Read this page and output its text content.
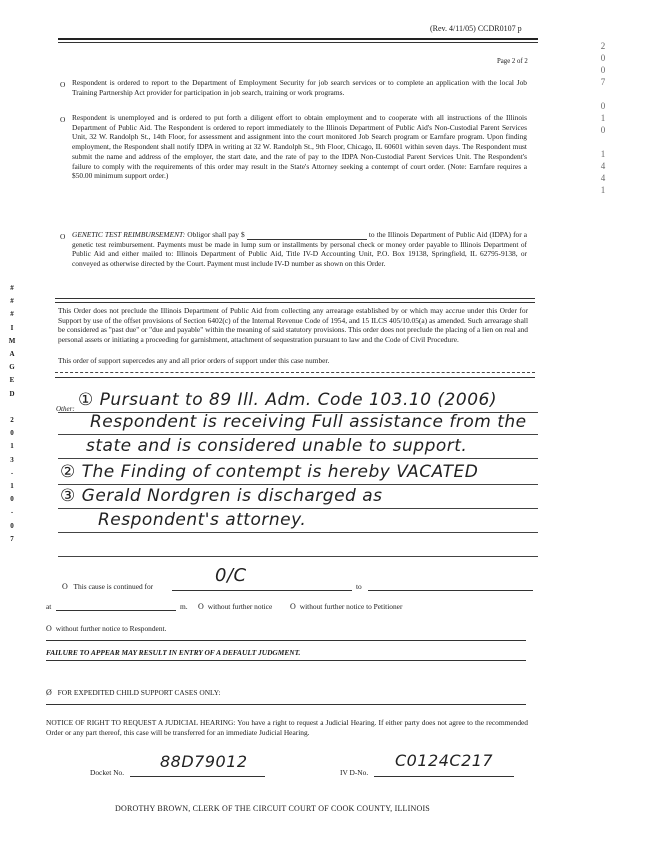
(Rev. 4/11/05) CCDR0107 p
Page 2 of 2
#
#
#
I
M
A
G
E
D

2
0
1
3
-
1
0
-
0
7
2
0
0
7

0
1
0

1
4
4
1
O Respondent is ordered to report to the Department of Employment Security for job search services or to complete an application with the local Job Training Partnership Act provider for participation in job search, training or work programs.
O Respondent is unemployed and is ordered to put forth a diligent effort to obtain employment and to cooperate with all instructions of the Illinois Department of Public Aid. The Respondent is ordered to report immediately to the Illinois Department of Public Aid's Non-Custodial Parent Services Unit, 32 W. Randolph St., 14th Floor, for assessment and assignment into the court monitored Job Search program or Earnfare program. Upon finding employment, the Respondent shall notify IDPA in writing at 32 W. Randolph St., 9th Floor, Chicago, IL 60601 within seven days. The Respondent must submit the name and address of the employer, the start date, and the rate of pay to the IDPA Non-Custodial Parent Services Unit. The Respondent's failure to comply with the requirements of this order may result in the State's Attorney seeking a contempt of court order. (Note: Earnfare requires a $50.00 minimum support order.)
O GENETIC TEST REIMBURSEMENT: Obligor shall pay $	to the Illinois Department of Public Aid (IDPA) for a genetic test reimbursement. Payments must be made in lump sum or installments by personal check or money order payable to Illinois Department of Public Aid and either mailed to: Illinois Department of Public Aid, Title IV-D Accounting Unit, P.O. Box 19138, Springfield, IL 62795-9138, or conveyed as otherwise directed by the Court. Payment must include IV-D number as shown on this Order.
This Order does not preclude the Illinois Department of Public Aid from collecting any arrearage established by or which may accrue under this Order for Support by use of the offset provisions of Section 6402(c) of the Internal Revenue Code of 1954, and 15 ILCS 405/10.05(a) as amended. Such arrearage shall be considered as "past due" or "due and payable" within the meaning of said statutory provisions. This order does not preclude the placing of a lien on real and personal assets or initiating a proceeding for garnishment, attachment of sequestration pursuant to law and the Code of Civil Procedure.
This order of support supercedes any and all prior orders of support under this case number.
Other: ① Pursuant to 89 Ill. Adm. Code 103.10 (2006)
Respondent is receiving Full assistance from the
state and is considered unable to support.
② The Finding of contempt is hereby VACATED
③ Gerald Nordgren is discharged as
Respondent's attorney.
O This cause is continued for
0/C
to
at	m. O without further notice O without further notice to Petitioner
O without further notice to Respondent.
FAILURE TO APPEAR MAY RESULT IN ENTRY OF A DEFAULT JUDGMENT.
Ø FOR EXPEDITED CHILD SUPPORT CASES ONLY:
NOTICE OF RIGHT TO REQUEST A JUDICIAL HEARING: You have a right to request a Judicial Hearing. If either party does not agree to the recommended Order or any part thereof, this case will be transferred for an immediate Judicial Hearing.
Docket No.
88D79012
IV D-No.
C0124C217
DOROTHY BROWN, CLERK OF THE CIRCUIT COURT OF COOK COUNTY, ILLINOIS
